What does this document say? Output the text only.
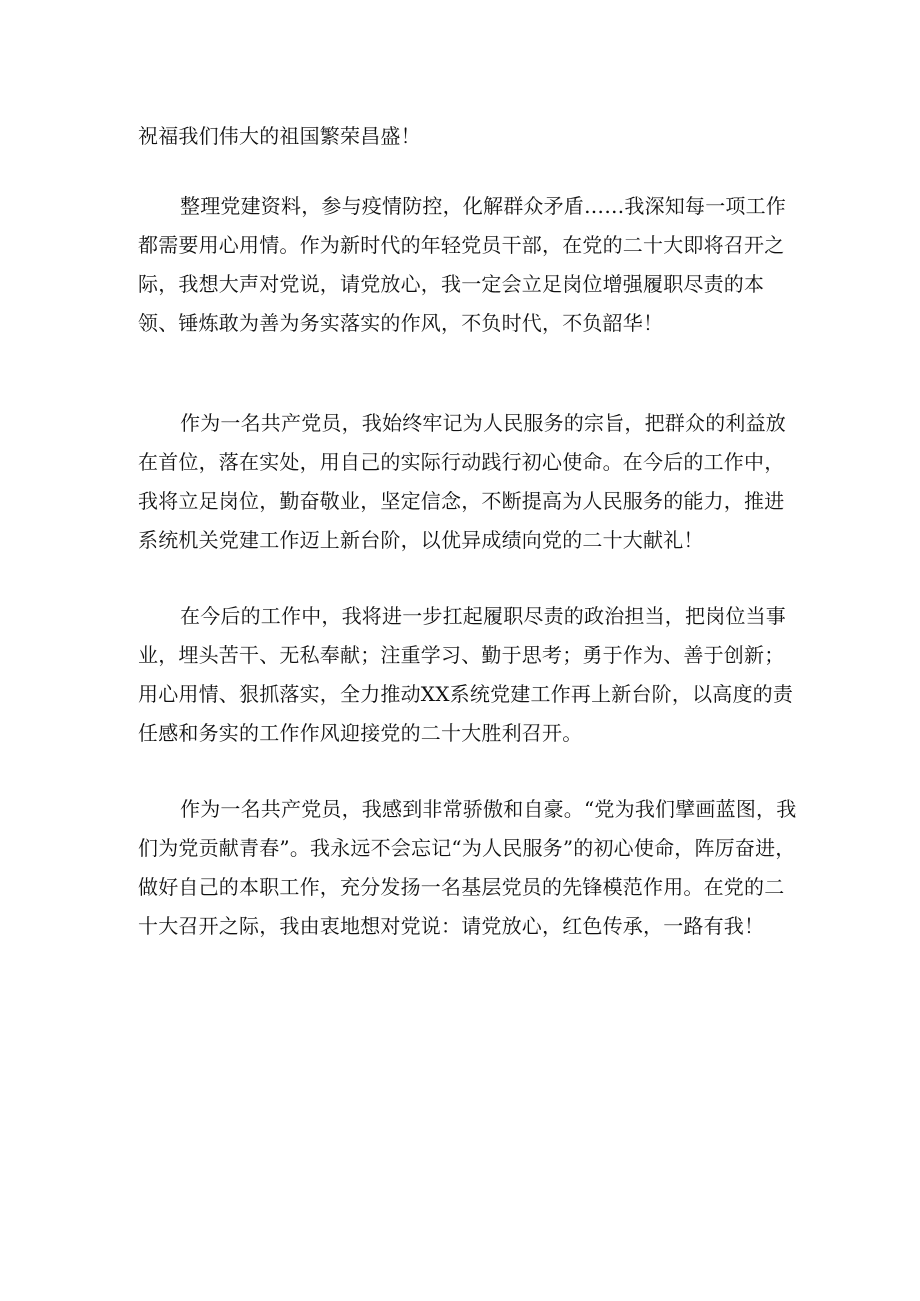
祝福我们伟大的祖国繁荣昌盛！

整理党建资料，参与疫情防控，化解群众矛盾……我深知每一项工作都需要用心用情。作为新时代的年轻党员干部，在党的二十大即将召开之际，我想大声对党说，请党放心，我一定会立足岗位增强履职尽责的本领、锤炼敢为善为务实落实的作风，不负时代，不负韶华！

作为一名共产党员，我始终牢记为人民服务的宗旨，把群众的利益放在首位，落在实处，用自己的实际行动践行初心使命。在今后的工作中，我将立足岗位，勤奋敬业，坚定信念，不断提高为人民服务的能力，推进系统机关党建工作迈上新台阶，以优异成绩向党的二十大献礼！

在今后的工作中，我将进一步扛起履职尽责的政治担当，把岗位当事业，埋头苦干、无私奉献；注重学习、勤于思考；勇于作为、善于创新；用心用情、狠抓落实，全力推动XX系统党建工作再上新台阶，以高度的责任感和务实的工作作风迎接党的二十大胜利召开。

作为一名共产党员，我感到非常骄傲和自豪。“党为我们擘画蓝图，我们为党贡献青春”。我永远不会忘记“为人民服务”的初心使命，阵厉奋进，做好自己的本职工作，充分发扬一名基层党员的先锋模范作用。在党的二十大召开之际，我由衷地想对党说：请党放心，红色传承，一路有我！
